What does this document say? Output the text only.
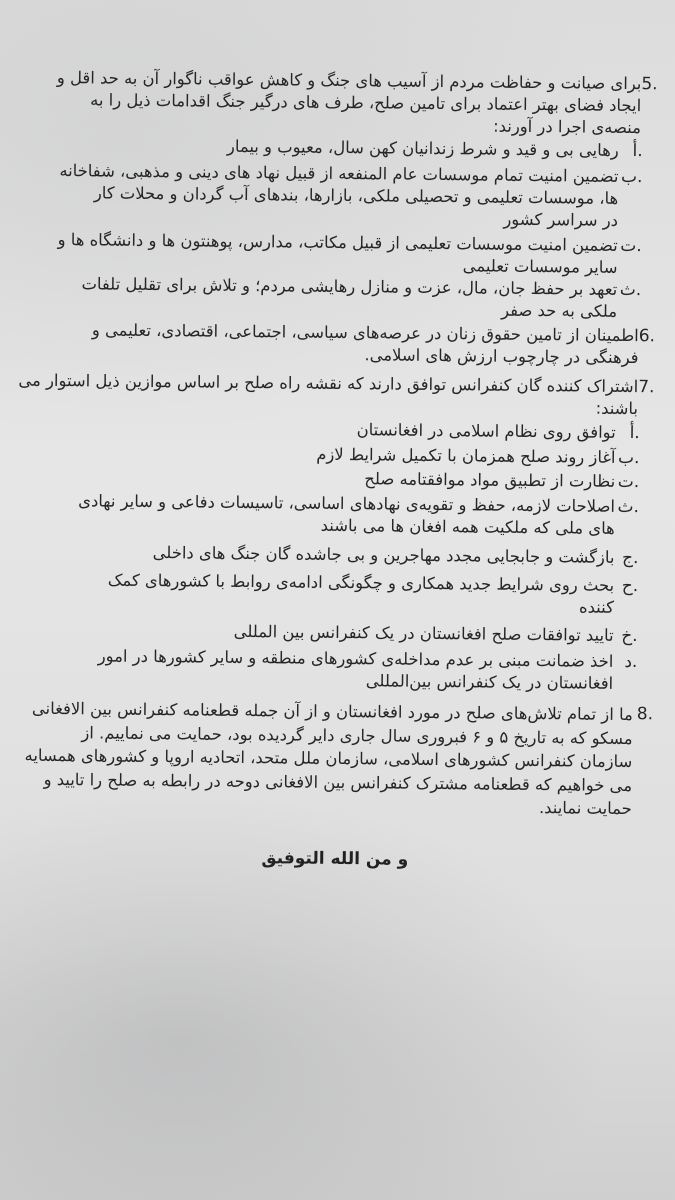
5.
برای صیانت و حفاظت مردم از آسیب های جنگ و کاهش عواقب ناگوار آن به حد اقل و
ایجاد فضای بهتر اعتماد برای تامین صلح، طرف های درگیر جنگ اقدامات ذیل را به
منصه‌ی اجرا در آورند:
أ.
رهایی بی و قید و شرط زندانیان کهن سال، معیوب و بیمار
ب.
تضمین امنیت تمام موسسات عام المنفعه از قبیل نهاد های دینی و مذهبی، شفاخانه
ها، موسسات تعلیمی و تحصیلی ملکی، بازارها، بندهای آب گردان و محلات کار
در سراسر کشور
ت.
تضمین امنیت موسسات تعلیمی از قبیل مکاتب، مدارس، پوهنتون ها و دانشگاه ها و
سایر موسسات تعلیمی
ث.
تعهد بر حفظ جان، مال، عزت و منازل رهایشی مردم؛ و تلاش برای تقلیل تلفات
ملکی به حد صفر
6.
اطمینان از تامین حقوق زنان در عرصه‌های سیاسی، اجتماعی، اقتصادی، تعلیمی و
فرهنگی در چارچوب ارزش های اسلامی.
7.
اشتراک کننده گان کنفرانس توافق دارند که نقشه راه صلح بر اساس موازین ذیل استوار می
باشند:
أ.
توافق روی نظام اسلامی در افغانستان
ب.
آغاز روند صلح همزمان با تکمیل شرایط لازم
ت.
نظارت از تطبیق مواد موافقتامه صلح
ث.
اصلاحات لازمه، حفظ و تقویه‌ی نهادهای اساسی، تاسیسات دفاعی و سایر نهادی
های ملی که ملکیت همه افغان ها می باشند
ج.
بازگشت و جابجایی مجدد مهاجرین و بی جاشده گان جنگ های داخلی
ح.
بحث روی شرایط جدید همکاری و چگونگی ادامه‌ی روابط با کشورهای کمک
کننده
خ.
تایید توافقات صلح افغانستان در یک کنفرانس بین المللی
د.
اخذ ضمانت مبنی بر عدم مداخله‌ی کشورهای منطقه و سایر کشورها در امور
افغانستان در یک کنفرانس بین‌المللی
8.
ما از تمام تلاش‌های صلح در مورد افغانستان و از آن جمله قطعنامه کنفرانس بین الافغانی
مسکو که به تاریخ ۵ و ۶ فبروری سال جاری دایر گردیده بود، حمایت می نماییم. از
سازمان کنفرانس کشورهای اسلامی، سازمان ملل متحد، اتحادیه اروپا و کشورهای همسایه
می خواهیم که قطعنامه مشترک کنفرانس بین الافغانی دوحه در رابطه به صلح را تایید و
حمایت نمایند.
و من الله التوفیق
